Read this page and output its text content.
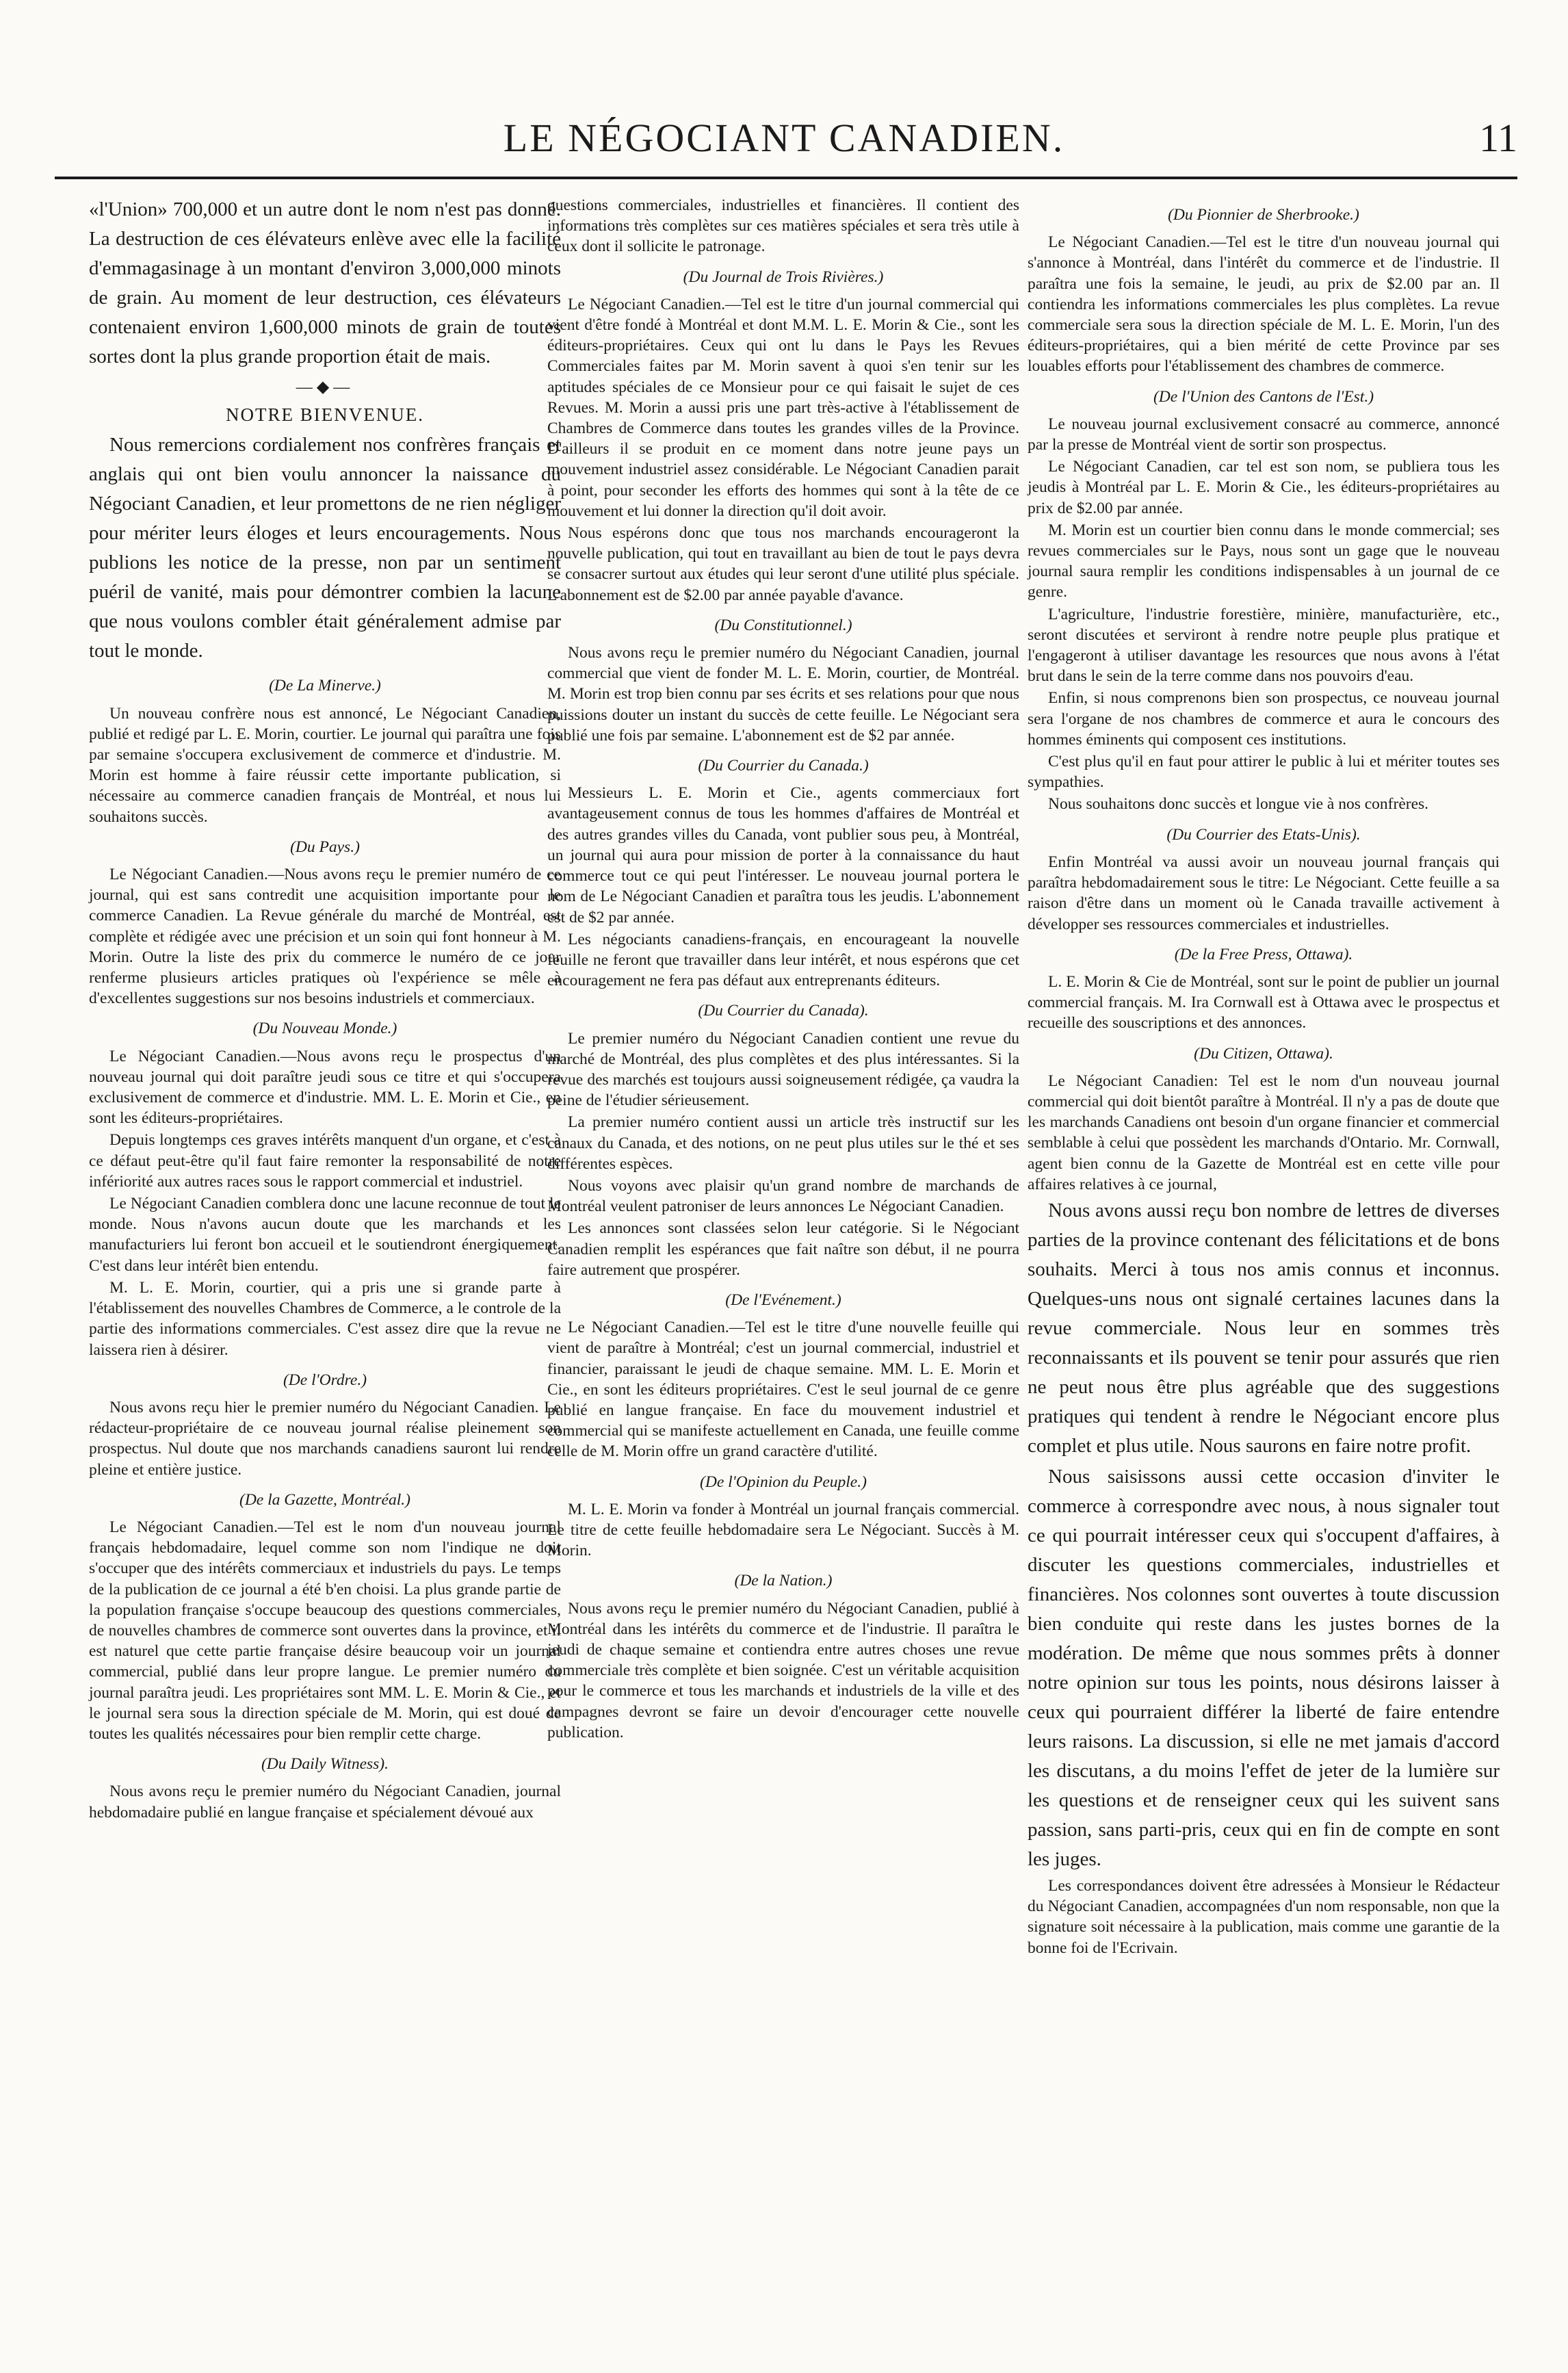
LE NÉGOCIANT CANADIEN.	11

«l'Union» 700,000 et un autre dont le nom n'est pas donné. La destruction de ces élévateurs enlève avec elle la facilité d'emmagasinage à un montant d'environ 3,000,000 minots de grain. Au moment de leur destruction, ces élévateurs contenaient environ 1,600,000 minots de grain de toutes sortes dont la plus grande proportion était de mais.

—◆—
NOTRE BIENVENUE.

Nous remercions cordialement nos confrères français et anglais qui ont bien voulu annoncer la naissance du Négociant Canadien, et leur promettons de ne rien négliger pour mériter leurs éloges et leurs encouragements. Nous publions les notice de la presse, non par un sentiment puéril de vanité, mais pour démontrer combien la lacune que nous voulons combler était généralement admise par tout le monde.

(De La Minerve.)

Un nouveau confrère nous est annoncé, Le Négociant Canadien, publié et redigé par L. E. Morin, courtier. Le journal qui paraîtra une fois par semaine s'occupera exclusivement de commerce et d'industrie. M. Morin est homme à faire réussir cette importante publication, si nécessaire au commerce canadien français de Montréal, et nous lui souhaitons succès.

(Du Pays.)

Le Négociant Canadien.—Nous avons reçu le premier numéro de ce journal, qui est sans contredit une acquisition importante pour le commerce Canadien. La Revue générale du marché de Montréal, est complète et rédigée avec une précision et un soin qui font honneur à M. Morin. Outre la liste des prix du commerce le numéro de ce jour renferme plusieurs articles pratiques où l'expérience se mêle à d'excellentes suggestions sur nos besoins industriels et commerciaux.

(Du Nouveau Monde.)

Le Négociant Canadien.—Nous avons reçu le prospectus d'un nouveau journal qui doit paraître jeudi sous ce titre et qui s'occupera exclusivement de commerce et d'industrie. MM. L. E. Morin et Cie., en sont les éditeurs-propriétaires.

Depuis longtemps ces graves intérêts manquent d'un organe, et c'est à ce défaut peut-être qu'il faut faire remonter la responsabilité de notre infériorité aux autres races sous le rapport commercial et industriel.

Le Négociant Canadien comblera donc une lacune reconnue de tout le monde. Nous n'avons aucun doute que les marchands et les manufacturiers lui feront bon accueil et le soutiendront énergiquement. C'est dans leur intérêt bien entendu.

M. L. E. Morin, courtier, qui a pris une si grande parte à l'établissement des nouvelles Chambres de Commerce, a le controle de la partie des informations commerciales. C'est assez dire que la revue ne laissera rien à désirer.

(De l'Ordre.)

Nous avons reçu hier le premier numéro du Négociant Canadien. Le rédacteur-propriétaire de ce nouveau journal réalise pleinement son prospectus. Nul doute que nos marchands canadiens sauront lui rendre pleine et entière justice.

(De la Gazette, Montréal.)

Le Négociant Canadien.—Tel est le nom d'un nouveau journal français hebdomadaire, lequel comme son nom l'indique ne doit s'occuper que des intérêts commerciaux et industriels du pays. Le temps de la publication de ce journal a été b'en choisi. La plus grande partie de la population française s'occupe beaucoup des questions commerciales, de nouvelles chambres de commerce sont ouvertes dans la province, et il est naturel que cette partie française désire beaucoup voir un journal commercial, publié dans leur propre langue. Le premier numéro du journal paraîtra jeudi. Les propriétaires sont MM. L. E. Morin & Cie., et le journal sera sous la direction spéciale de M. Morin, qui est doué de toutes les qualités nécessaires pour bien remplir cette charge.

(Du Daily Witness).

Nous avons reçu le premier numéro du Négociant Canadien, journal hebdomadaire publié en langue française et spécialement dévoué aux

questions commerciales, industrielles et financières. Il contient des informations très complètes sur ces matières spéciales et sera très utile à ceux dont il sollicite le patronage.

(Du Journal de Trois Rivières.)

Le Négociant Canadien.—Tel est le titre d'un journal commercial qui vient d'être fondé à Montréal et dont M.M. L. E. Morin & Cie., sont les éditeurs-propriétaires. Ceux qui ont lu dans le Pays les Revues Commerciales faites par M. Morin savent à quoi s'en tenir sur les aptitudes spéciales de ce Monsieur pour ce qui faisait le sujet de ces Revues. M. Morin a aussi pris une part très-active à l'établissement de Chambres de Commerce dans toutes les grandes villes de la Province. D'ailleurs il se produit en ce moment dans notre jeune pays un mouvement industriel assez considérable. Le Négociant Canadien parait à point, pour seconder les efforts des hommes qui sont à la tête de ce mouvement et lui donner la direction qu'il doit avoir.

Nous espérons donc que tous nos marchands encourageront la nouvelle publication, qui tout en travaillant au bien de tout le pays devra se consacrer surtout aux études qui leur seront d'une utilité plus spéciale. L'abonnement est de $2.00 par année payable d'avance.

(Du Constitutionnel.)

Nous avons reçu le premier numéro du Négociant Canadien, journal commercial que vient de fonder M. L. E. Morin, courtier, de Montréal. M. Morin est trop bien connu par ses écrits et ses relations pour que nous puissions douter un instant du succès de cette feuille. Le Négociant sera publié une fois par semaine. L'abonnement est de $2 par année.

(Du Courrier du Canada.)

Messieurs L. E. Morin et Cie., agents commerciaux fort avantageusement connus de tous les hommes d'affaires de Montréal et des autres grandes villes du Canada, vont publier sous peu, à Montréal, un journal qui aura pour mission de porter à la connaissance du haut commerce tout ce qui peut l'intéresser. Le nouveau journal portera le nom de Le Négociant Canadien et paraîtra tous les jeudis. L'abonnement est de $2 par année.

Les négociants canadiens-français, en encourageant la nouvelle feuille ne feront que travailler dans leur intérêt, et nous espérons que cet encouragement ne fera pas défaut aux entreprenants éditeurs.

(Du Courrier du Canada).

Le premier numéro du Négociant Canadien contient une revue du marché de Montréal, des plus complètes et des plus intéressantes. Si la revue des marchés est toujours aussi soigneusement rédigée, ça vaudra la peine de l'étudier sérieusement.

La premier numéro contient aussi un article très instructif sur les canaux du Canada, et des notions, on ne peut plus utiles sur le thé et ses différentes espèces.

Nous voyons avec plaisir qu'un grand nombre de marchands de Montréal veulent patroniser de leurs annonces Le Négociant Canadien.

Les annonces sont classées selon leur catégorie. Si le Négociant Canadien remplit les espérances que fait naître son début, il ne pourra faire autrement que prospérer.

(De l'Evénement.)

Le Négociant Canadien.—Tel est le titre d'une nouvelle feuille qui vient de paraître à Montréal; c'est un journal commercial, industriel et financier, paraissant le jeudi de chaque semaine. MM. L. E. Morin et Cie., en sont les éditeurs propriétaires. C'est le seul journal de ce genre publié en langue française. En face du mouvement industriel et commercial qui se manifeste actuellement en Canada, une feuille comme celle de M. Morin offre un grand caractère d'utilité.

(De l'Opinion du Peuple.)

M. L. E. Morin va fonder à Montréal un journal français commercial. Le titre de cette feuille hebdomadaire sera Le Négociant. Succès à M. Morin.

(De la Nation.)

Nous avons reçu le premier numéro du Négociant Canadien, publié à Montréal dans les intérêts du commerce et de l'industrie. Il paraîtra le jeudi de chaque semaine et contiendra entre autres choses une revue commerciale très complète et bien soignée. C'est un véritable acquisition pour le commerce et tous les marchands et industriels de la ville et des campagnes devront se faire un devoir d'encourager cette nouvelle publication.

(Du Pionnier de Sherbrooke.)

Le Négociant Canadien.—Tel est le titre d'un nouveau journal qui s'annonce à Montréal, dans l'intérêt du commerce et de l'industrie. Il paraîtra une fois la semaine, le jeudi, au prix de $2.00 par an. Il contiendra les informations commerciales les plus complètes. La revue commerciale sera sous la direction spéciale de M. L. E. Morin, l'un des éditeurs-propriétaires, qui a bien mérité de cette Province par ses louables efforts pour l'établissement des chambres de commerce.

(De l'Union des Cantons de l'Est.)

Le nouveau journal exclusivement consacré au commerce, annoncé par la presse de Montréal vient de sortir son prospectus.

Le Négociant Canadien, car tel est son nom, se publiera tous les jeudis à Montréal par L. E. Morin & Cie., les éditeurs-propriétaires au prix de $2.00 par année.

M. Morin est un courtier bien connu dans le monde commercial; ses revues commerciales sur le Pays, nous sont un gage que le nouveau journal saura remplir les conditions indispensables à un journal de ce genre.

L'agriculture, l'industrie forestière, minière, manufacturière, etc., seront discutées et serviront à rendre notre peuple plus pratique et l'engageront à utiliser davantage les resources que nous avons à l'état brut dans le sein de la terre comme dans nos pouvoirs d'eau.

Enfin, si nous comprenons bien son prospectus, ce nouveau journal sera l'organe de nos chambres de commerce et aura le concours des hommes éminents qui composent ces institutions.

C'est plus qu'il en faut pour attirer le public à lui et mériter toutes ses sympathies.

Nous souhaitons donc succès et longue vie à nos confrères.

(Du Courrier des Etats-Unis).

Enfin Montréal va aussi avoir un nouveau journal français qui paraîtra hebdomadairement sous le titre: Le Négociant. Cette feuille a sa raison d'être dans un moment où le Canada travaille activement à développer ses ressources commerciales et industrielles.

(De la Free Press, Ottawa).

L. E. Morin & Cie de Montréal, sont sur le point de publier un journal commercial français. M. Ira Cornwall est à Ottawa avec le prospectus et recueille des souscriptions et des annonces.

(Du Citizen, Ottawa).

Le Négociant Canadien: Tel est le nom d'un nouveau journal commercial qui doit bientôt paraître à Montréal. Il n'y a pas de doute que les marchands Canadiens ont besoin d'un organe financier et commercial semblable à celui que possèdent les marchands d'Ontario. Mr. Cornwall, agent bien connu de la Gazette de Montréal est en cette ville pour affaires relatives à ce journal,

Nous avons aussi reçu bon nombre de lettres de diverses parties de la province contenant des félicitations et de bons souhaits. Merci à tous nos amis connus et inconnus. Quelques-uns nous ont signalé certaines lacunes dans la revue commerciale. Nous leur en sommes très reconnaissants et ils pouvent se tenir pour assurés que rien ne peut nous être plus agréable que des suggestions pratiques qui tendent à rendre le Négociant encore plus complet et plus utile. Nous saurons en faire notre profit.

Nous saisissons aussi cette occasion d'inviter le commerce à correspondre avec nous, à nous signaler tout ce qui pourrait intéresser ceux qui s'occupent d'affaires, à discuter les questions commerciales, industrielles et financières. Nos colonnes sont ouvertes à toute discussion bien conduite qui reste dans les justes bornes de la modération. De même que nous sommes prêts à donner notre opinion sur tous les points, nous désirons laisser à ceux qui pourraient différer la liberté de faire entendre leurs raisons. La discussion, si elle ne met jamais d'accord les discutans, a du moins l'effet de jeter de la lumière sur les questions et de renseigner ceux qui les suivent sans passion, sans parti-pris, ceux qui en fin de compte en sont les juges.

Les correspondances doivent être adressées à Monsieur le Rédacteur du Négociant Canadien, accompagnées d'un nom responsable, non que la signature soit nécessaire à la publication, mais comme une garantie de la bonne foi de l'Ecrivain.
